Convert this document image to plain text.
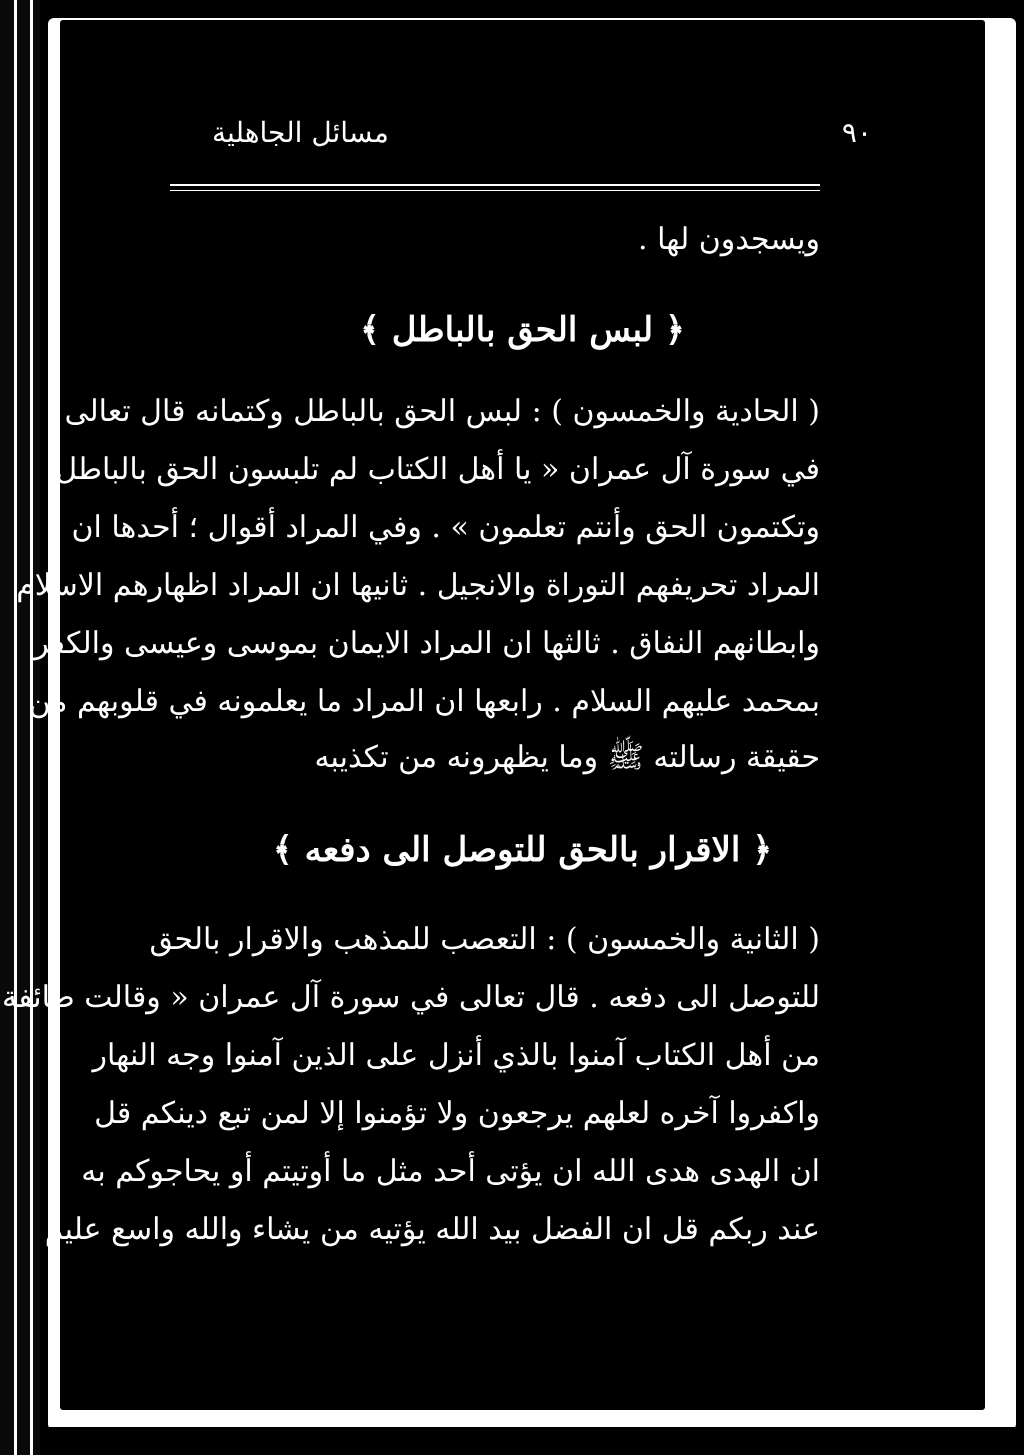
٩٠
مسائل الجاهلية
ويسجدون لها .
﴿ لبس الحق بالباطل ﴾
( الحادية والخمسون ) : لبس الحق بالباطل وكتمانه قال تعالى
في سورة آل عمران « يا أهل الكتاب لم تلبسون الحق بالباطل
وتكتمون الحق وأنتم تعلمون » . وفي المراد أقوال ؛ أحدها ان
المراد تحريفهم التوراة والانجيل . ثانيها ان المراد اظهارهم الاسلام
وابطانهم النفاق . ثالثها ان المراد الايمان بموسى وعيسى والكفر
بمحمد عليهم السلام . رابعها ان المراد ما يعلمونه في قلوبهم من
حقيقة رسالته ﷺ وما يظهرونه من تكذيبه
﴿ الاقرار بالحق للتوصل الى دفعه ﴾
( الثانية والخمسون ) : التعصب للمذهب والاقرار بالحق
للتوصل الى دفعه . قال تعالى في سورة آل عمران « وقالت طائفة
من أهل الكتاب آمنوا بالذي أنزل على الذين آمنوا وجه النهار
واكفروا آخره لعلهم يرجعون ولا تؤمنوا إلا لمن تبع دينكم قل
ان الهدى هدى الله ان يؤتى أحد مثل ما أوتيتم أو يحاجوكم به
عند ربكم قل ان الفضل بيد الله يؤتيه من يشاء والله واسع عليم
